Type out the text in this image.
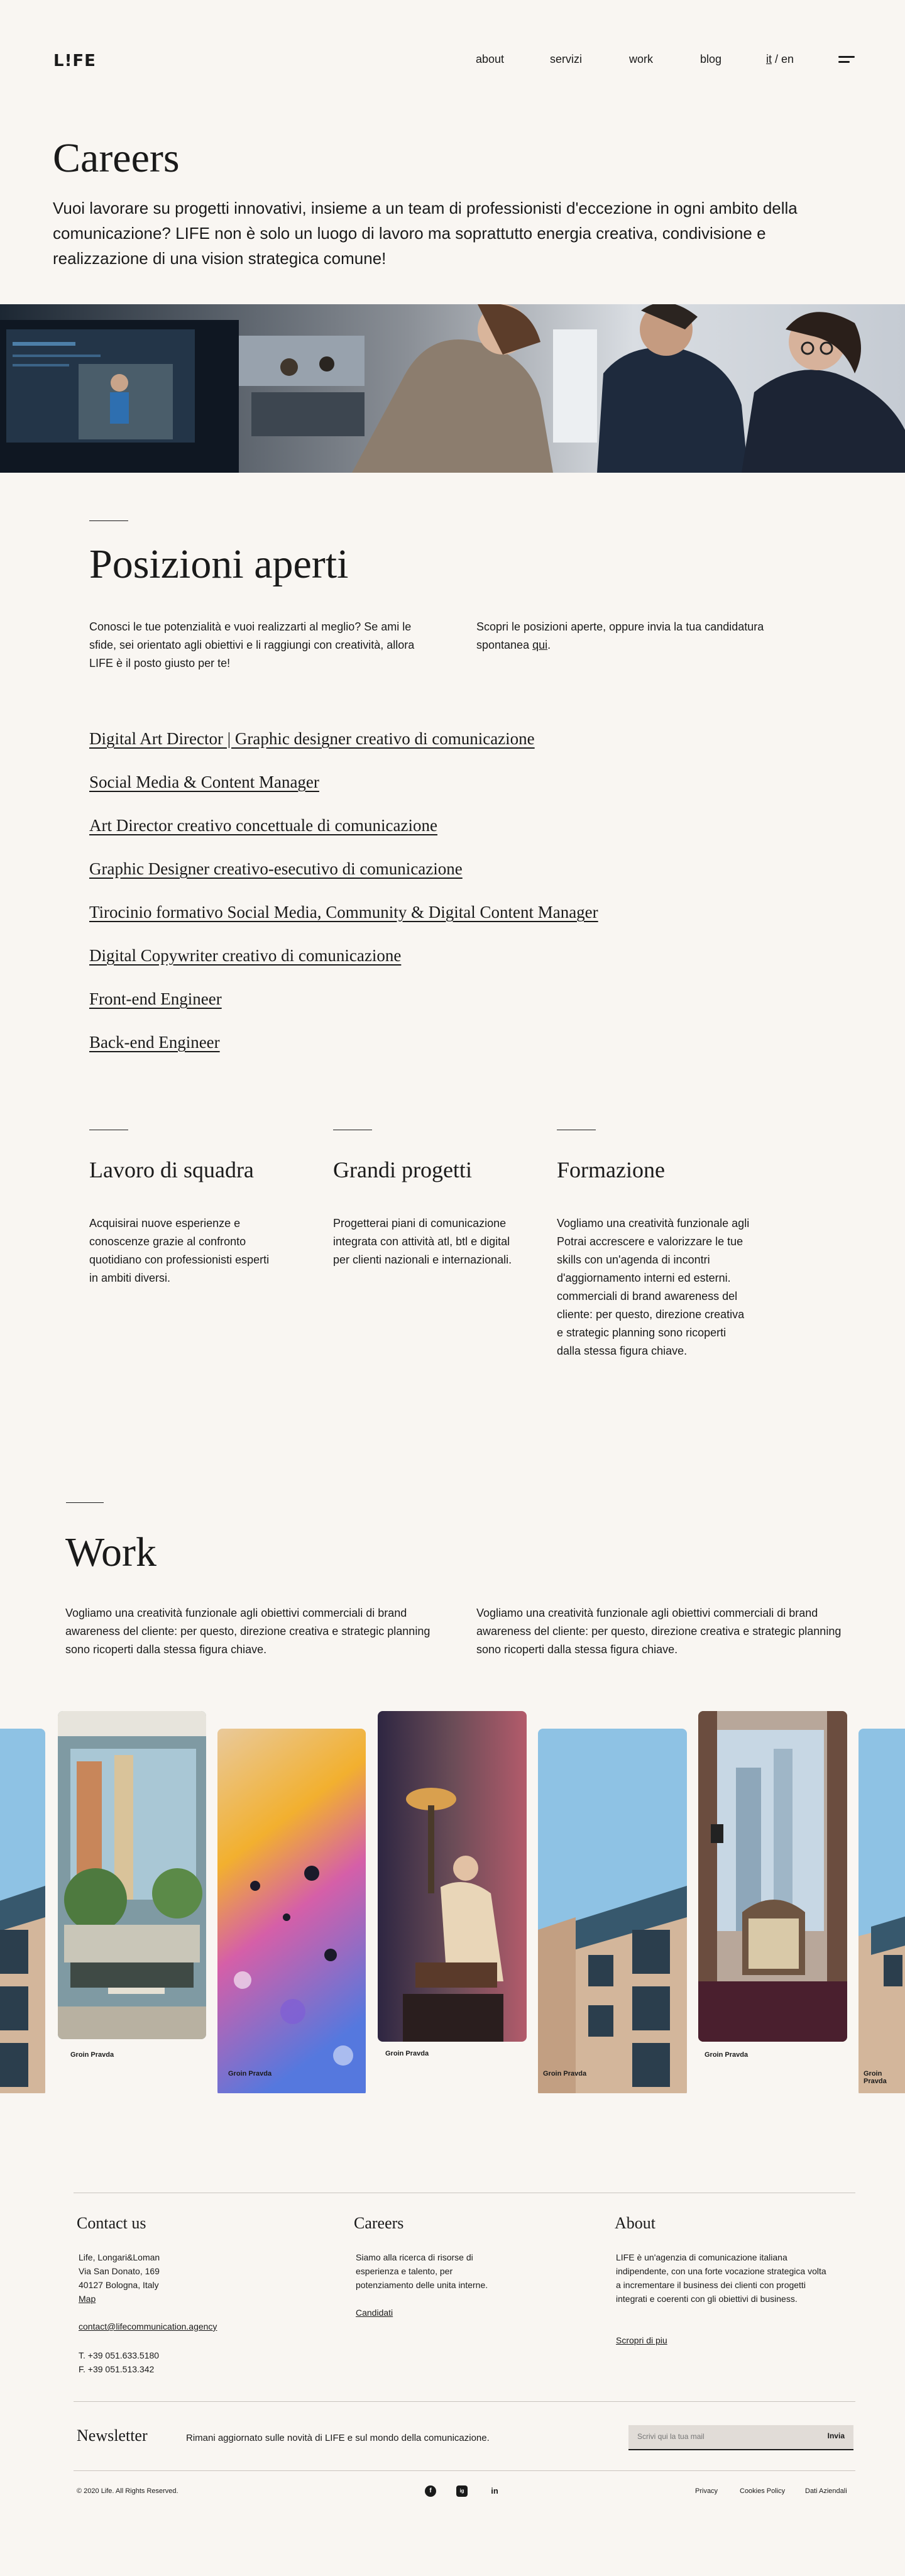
L!FE	about	servizi	work	blog	it / en
Careers

Vuoi lavorare su progetti innovativi, insieme a un team di professionisti d'eccezione in ogni ambito della comunicazione? LIFE non è solo un luogo di lavoro ma soprattutto energia creativa, condivisione e realizzazione di una vision strategica comune!

Posizioni aperti

Conosci le tue potenzialità e vuoi realizzarti al meglio? Se ami le sfide, sei orientato agli obiettivi e li raggiungi con creatività, allora LIFE è il posto giusto per te!

Scopri le posizioni aperte, oppure invia la tua candidatura spontanea qui.

Digital Art Director | Graphic designer creativo di comunicazione
Social Media & Content Manager
Art Director creativo concettuale di comunicazione
Graphic Designer creativo-esecutivo di comunicazione
Tirocinio formativo Social Media, Community & Digital Content Manager
Digital Copywriter creativo di comunicazione
Front-end Engineer
Back-end Engineer
Lavoro di squadra

Acquisirai nuove esperienze e conoscenze grazie al confronto quotidiano con professionisti esperti in ambiti diversi.

Grandi progetti

Progetterai piani di comunicazione integrata con attività atl, btl e digital per clienti nazionali e internazionali.

Formazione

Vogliamo una creatività funzionale agli Potrai accrescere e valorizzare le tue skills con un'agenda di incontri d'aggiornamento interni ed esterni. commerciali di brand awareness del cliente: per questo, direzione creativa e strategic planning sono ricoperti dalla stessa figura chiave.

Work

Vogliamo una creatività funzionale agli obiettivi commerciali di brand awareness del cliente: per questo, direzione creativa e strategic planning sono ricoperti dalla stessa figura chiave.

Vogliamo una creatività funzionale agli obiettivi commerciali di brand awareness del cliente: per questo, direzione creativa e strategic planning sono ricoperti dalla stessa figura chiave.

Groin Pravda
Groin Pravda
Groin Pravda
Groin Pravda
Groin Pravda
Groin Pravda
Contact us
Life, Longari&Loman
Via San Donato, 169
40127 Bologna, Italy
Map
contact@lifecommunication.agency
T. +39 051.633.5180
F. +39 051.513.342
Careers

Siamo alla ricerca di risorse di esperienza e talento, per potenziamento delle unita interne.

Candidati
About

LIFE è un'agenzia di comunicazione italiana indipendente, con una forte vocazione strategica volta a incrementare il business dei clienti con progetti integrati e coerenti con gli obiettivi di business.

Scropri di piu
Newsletter	Rimani aggiornato sulle novità di LIFE e sul mondo della comunicazione.

Scrivi qui la tua mail	Invia
© 2020 Life. All Rights Reserved.	f	ig	in	Privacy	Cookies Policy	Dati Aziendali
